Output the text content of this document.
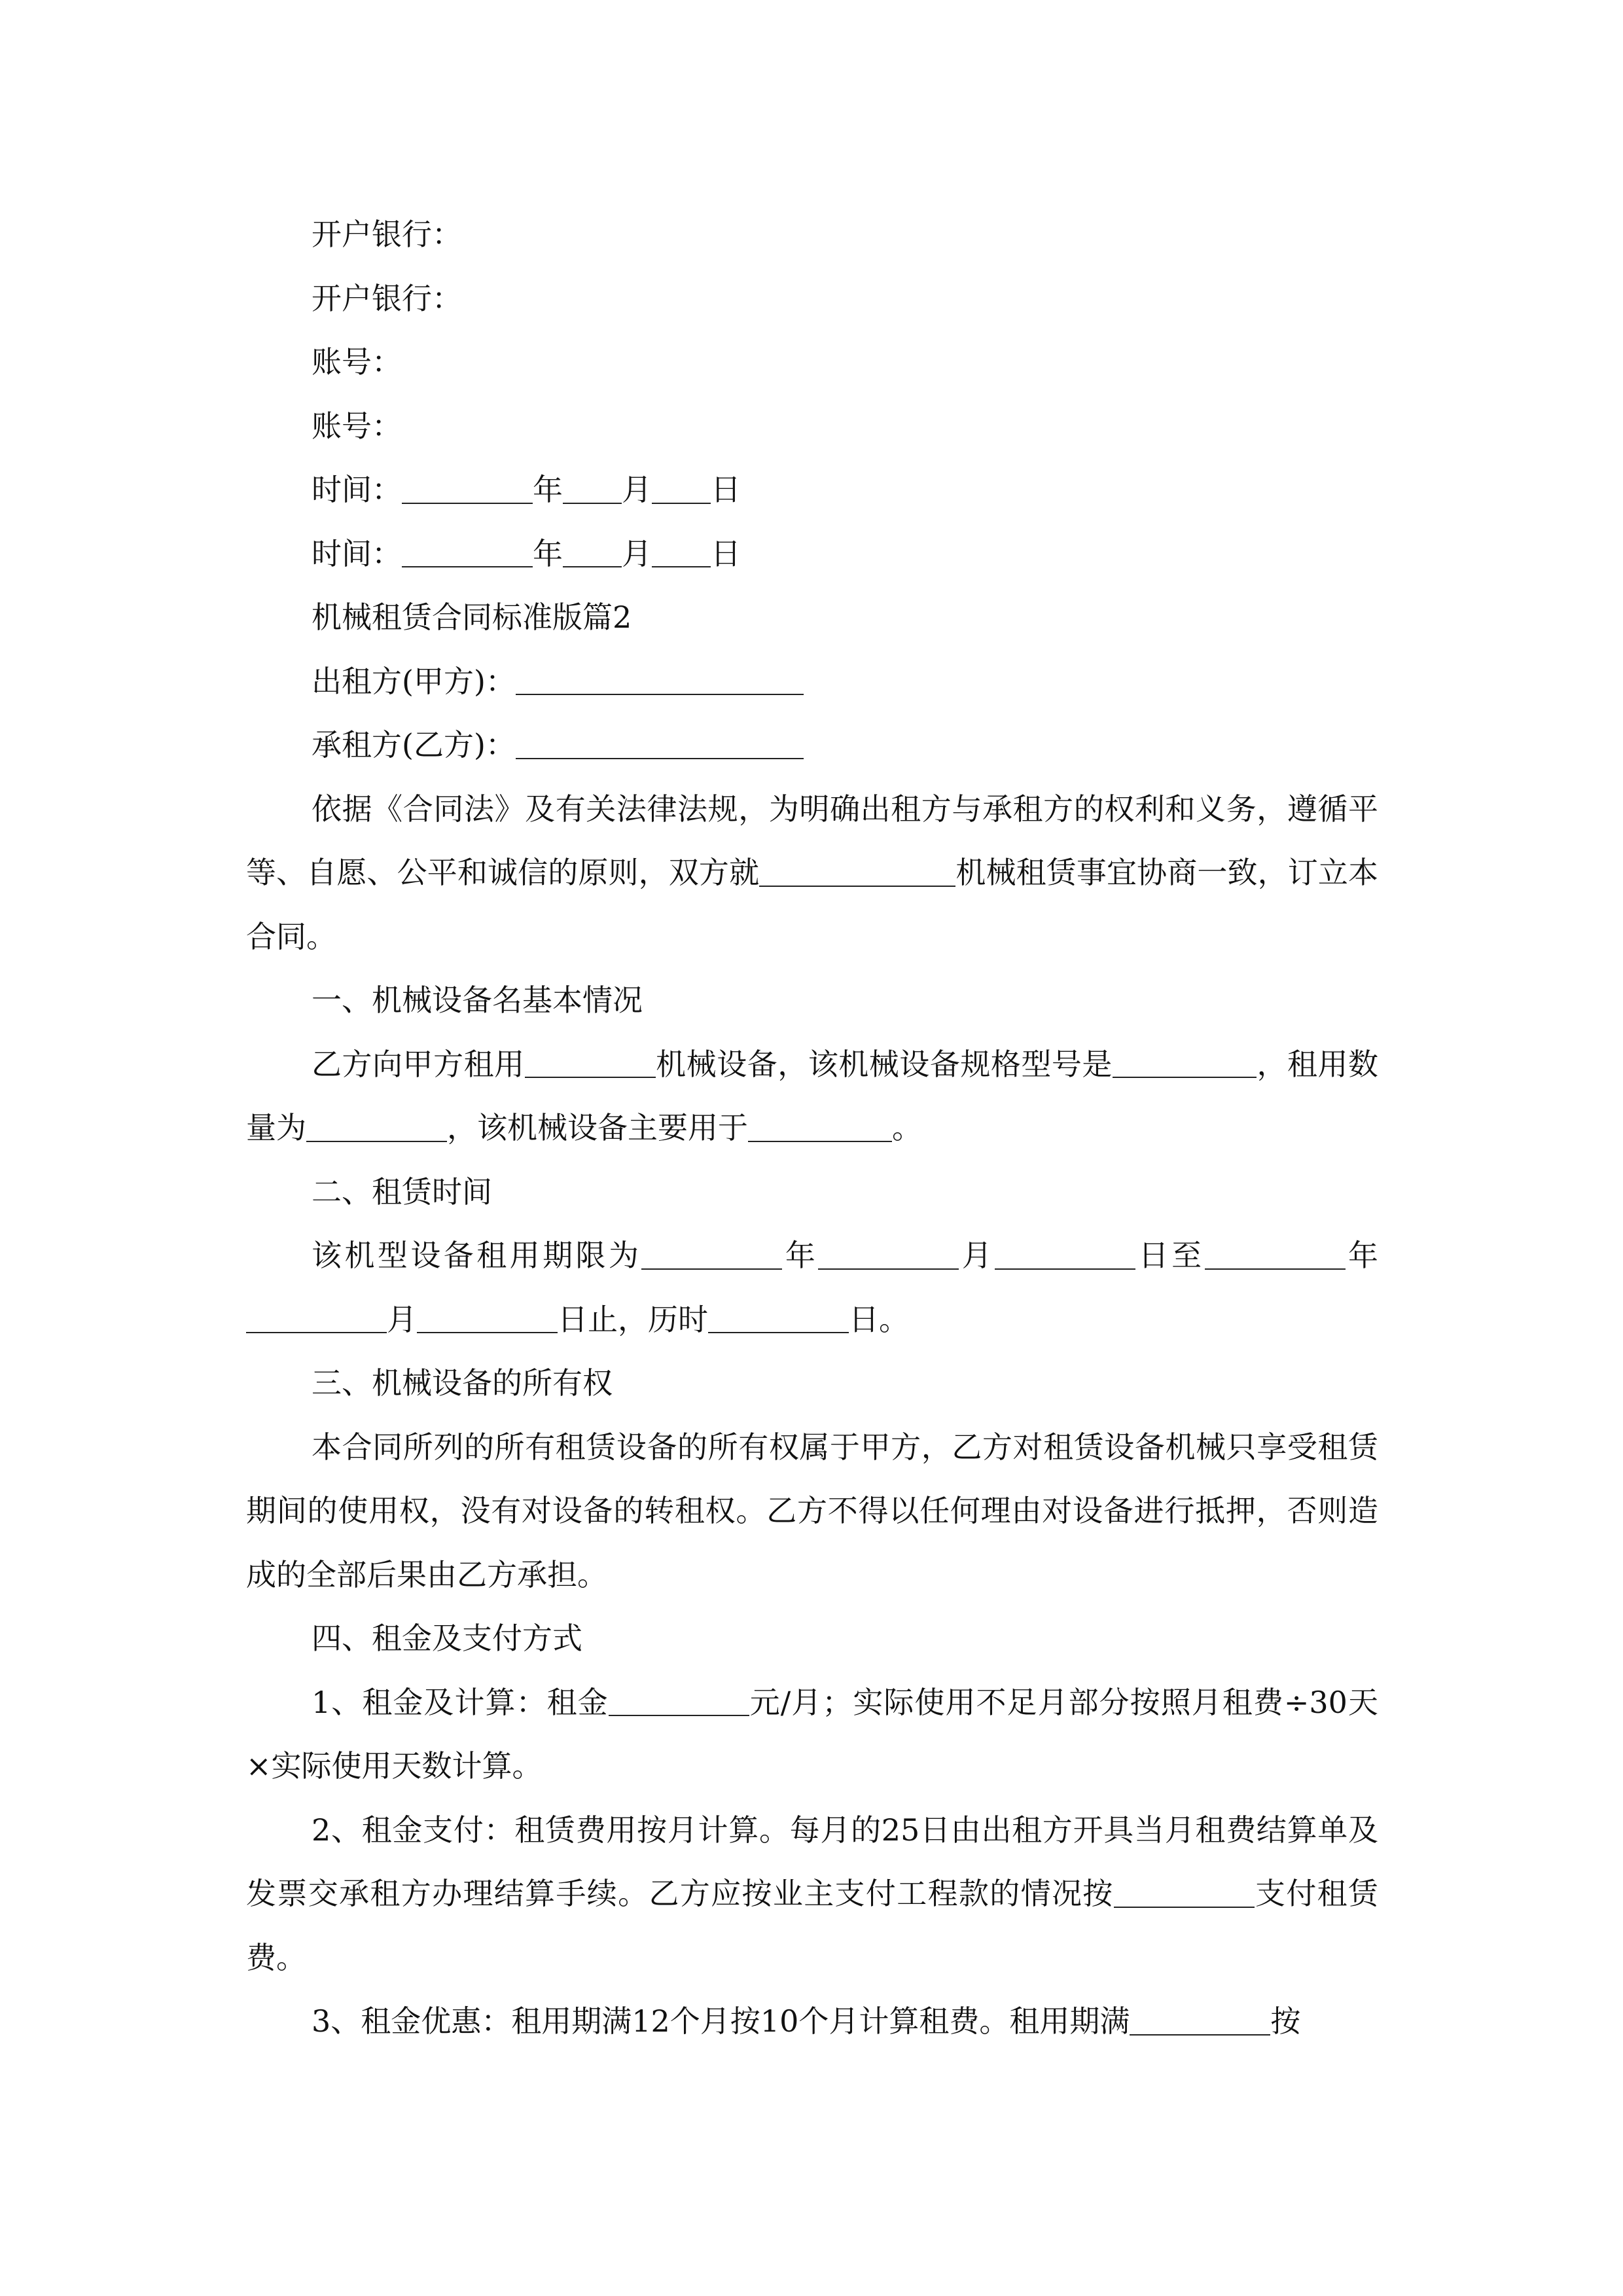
开户银行：

开户银行：

账号：

账号：

时间：	年 月 日

时间：	年 月 日

机械租赁合同标准版篇2

出租方(甲方)：

承租方(乙方)：

依据《合同法》及有关法律法规，为明确出租方与承租方的权利和义务，遵循平等、自愿、公平和诚信的原则，双方就	机械租赁事宜协商一致，订立本合同。

一、机械设备名基本情况

乙方向甲方租用	机械设备，该机械设备规格型号是	，租用数量为	，该机械设备主要用于	。

二、租赁时间

该机型设备租用期限为	年	月	日至	年月	日止，历时	日。

三、机械设备的所有权

本合同所列的所有租赁设备的所有权属于甲方，乙方对租赁设备机械只享受租赁期间的使用权，没有对设备的转租权。乙方不得以任何理由对设备进行抵押，否则造成的全部后果由乙方承担。

四、租金及支付方式

1、租金及计算：租金	元/月；实际使用不足月部分按照月租费÷30天×实际使用天数计算。

2、租金支付：租赁费用按月计算。每月的25日由出租方开具当月租费结算单及发票交承租方办理结算手续。乙方应按业主支付工程款的情况按	支付租赁费。

3、租金优惠：租用期满12个月按10个月计算租费。租用期满	按
